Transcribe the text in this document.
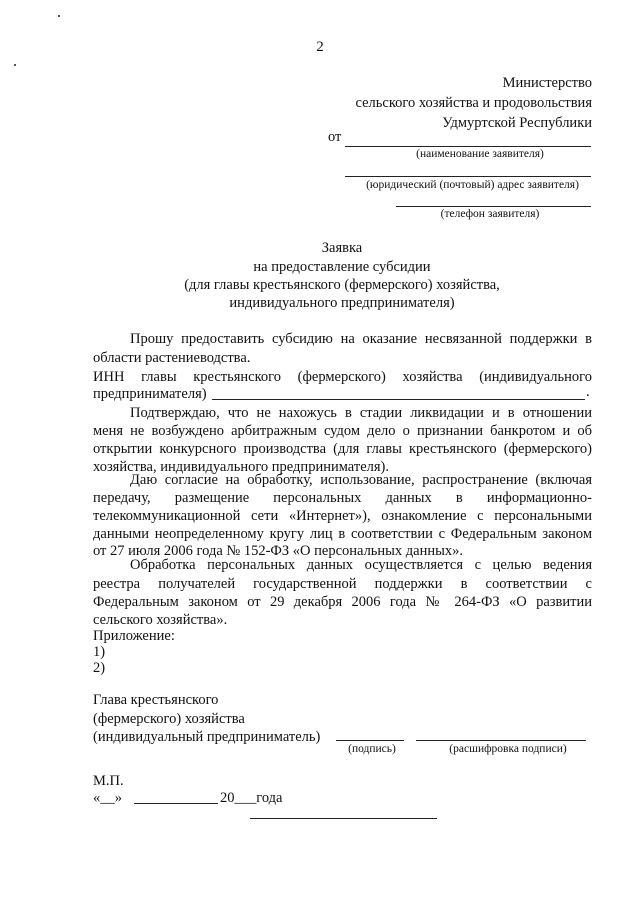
2
Министерство
сельского хозяйства и продовольствия
Удмуртской Республики
от
(наименование заявителя)
(юридический (почтовый) адрес заявителя)
(телефон заявителя)
Заявка
на предоставление субсидии
(для главы крестьянского (фермерского) хозяйства,
индивидуального предпринимателя)
Прошу предоставить субсидию на оказание несвязанной поддержки в
области растениеводства.
ИНН главы крестьянского (фермерского) хозяйства (индивидуального
предпринимателя)	.
Подтверждаю, что не нахожусь в стадии ликвидации и в отношении
меня не возбуждено арбитражным судом дело о признании банкротом и об
открытии конкурсного производства (для главы крестьянского (фермерского)
хозяйства, индивидуального предпринимателя).
Даю согласие на обработку, использование, распространение (включая
передачу, размещение персональных данных в информационно-
телекоммуникационной сети «Интернет»), ознакомление с персональными
данными неопределенному кругу лиц в соответствии с Федеральным законом
от 27 июля 2006 года № 152-ФЗ «О персональных данных».
Обработка персональных данных осуществляется с целью ведения
реестра получателей государственной поддержки в соответствии с
Федеральным законом от 29 декабря 2006 года № 264-ФЗ «О развитии
сельского хозяйства».
Приложение:
1)
2)
Глава крестьянского
(фермерского) хозяйства
(индивидуальный предприниматель)
(подпись)	(расшифровка подписи)
М.П.
«__»	20___года
